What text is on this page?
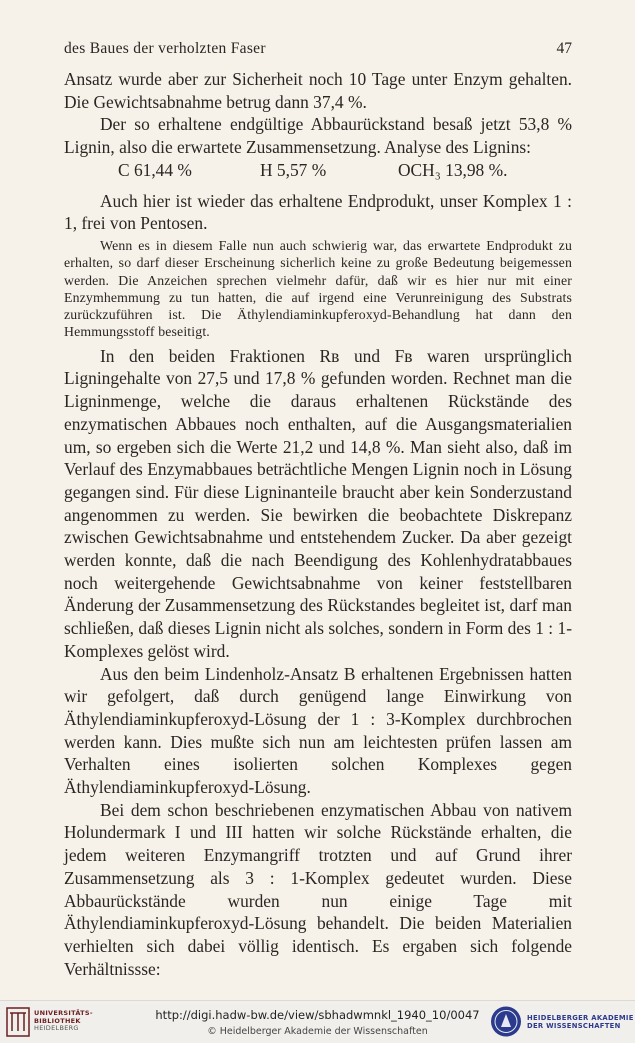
des Baues der verholzten Faser	47

Ansatz wurde aber zur Sicherheit noch 10 Tage unter Enzym gehalten. Die Gewichtsabnahme betrug dann 37,4 %.

Der so erhaltene endgültige Abbaurückstand besaß jetzt 53,8 % Lignin, also die erwartete Zusammensetzung. Analyse des Lignins:

C 61,44 %	H 5,57 %	OCH₃ 13,98 %.

Auch hier ist wieder das erhaltene Endprodukt, unser Komplex 1 : 1, frei von Pentosen.

Wenn es in diesem Falle nun auch schwierig war, das erwartete Endprodukt zu erhalten, so darf dieser Erscheinung sicherlich keine zu große Bedeutung beigemessen werden. Die Anzeichen sprechen vielmehr dafür, daß wir es hier nur mit einer Enzymhemmung zu tun hatten, die auf irgend eine Verunreinigung des Substrats zurückzuführen ist. Die Äthylendiaminkupferoxyd-Behandlung hat dann den Hemmungsstoff beseitigt.

In den beiden Fraktionen Rʙ und Fʙ waren ursprünglich Ligningehalte von 27,5 und 17,8 % gefunden worden. Rechnet man die Ligninmenge, welche die daraus erhaltenen Rückstände des enzymatischen Abbaues noch enthalten, auf die Ausgangsmaterialien um, so ergeben sich die Werte 21,2 und 14,8 %. Man sieht also, daß im Verlauf des Enzymabbaues beträchtliche Mengen Lignin noch in Lösung gegangen sind. Für diese Ligninanteile braucht aber kein Sonderzustand angenommen zu werden. Sie bewirken die beobachtete Diskrepanz zwischen Gewichtsabnahme und entstehendem Zucker. Da aber gezeigt werden konnte, daß die nach Beendigung des Kohlenhydratabbaues noch weitergehende Gewichtsabnahme von keiner feststellbaren Änderung der Zusammensetzung des Rückstandes begleitet ist, darf man schließen, daß dieses Lignin nicht als solches, sondern in Form des 1 : 1-Komplexes gelöst wird.

Aus den beim Lindenholz-Ansatz B erhaltenen Ergebnissen hatten wir gefolgert, daß durch genügend lange Einwirkung von Äthylendiaminkupferoxyd-Lösung der 1 : 3-Komplex durchbrochen werden kann. Dies mußte sich nun am leichtesten prüfen lassen am Verhalten eines isolierten solchen Komplexes gegen Äthylendiaminkupferoxyd-Lösung.

Bei dem schon beschriebenen enzymatischen Abbau von nativem Holundermark I und III hatten wir solche Rückstände erhalten, die jedem weiteren Enzymangriff trotzten und auf Grund ihrer Zusammensetzung als 3 : 1-Komplex gedeutet wurden. Diese Abbaurückstände wurden nun einige Tage mit Äthylendiaminkupferoxyd-Lösung behandelt. Die beiden Materialien verhielten sich dabei völlig identisch. Es ergaben sich folgende Verhältnissse:

UNIVERSITÄTS-
BIBLIOTHEK
HEIDELBERG
http://digi.hadw-bw.de/view/sbhadwmnkl_1940_10/0047
© Heidelberger Akademie der Wissenschaften
HEIDELBERGER AKADEMIE
DER WISSENSCHAFTEN
